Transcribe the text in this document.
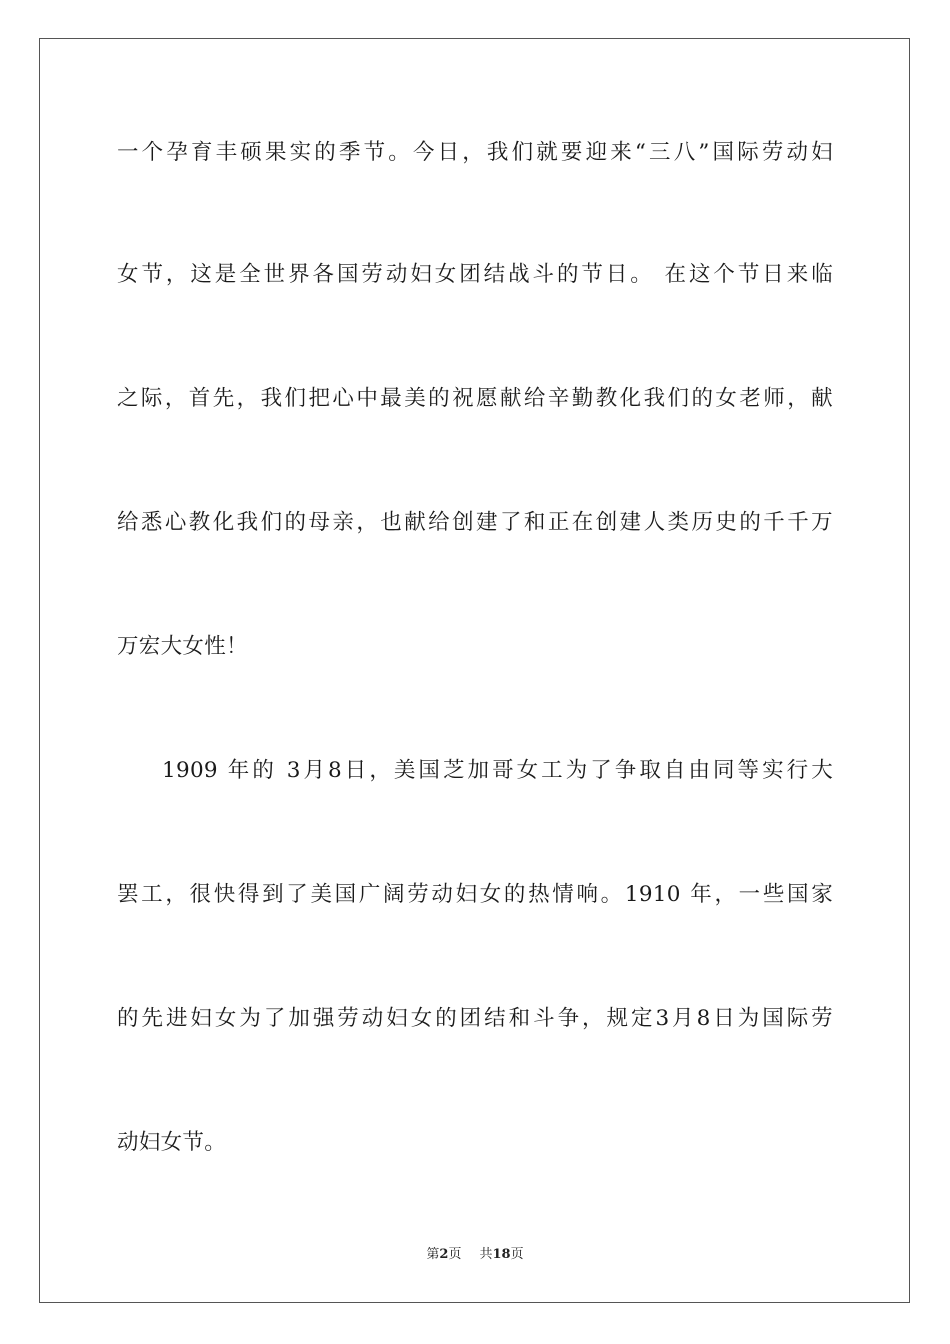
一个孕育丰硕果实的季节。今日，我们就要迎来“三八”国际劳动妇
女节，这是全世界各国劳动妇女团结战斗的节日。 在这个节日来临
之际，首先，我们把心中最美的祝愿献给辛勤教化我们的女老师，献
给悉心教化我们的母亲，也献给创建了和正在创建人类历史的千千万
万宏大女性！
1909 年的 3月8日，美国芝加哥女工为了争取自由同等实行大
罢工，很快得到了美国广阔劳动妇女的热情响。1910 年，一些国家
的先进妇女为了加强劳动妇女的团结和斗争，规定3月8日为国际劳
动妇女节。
第2页 共18页
